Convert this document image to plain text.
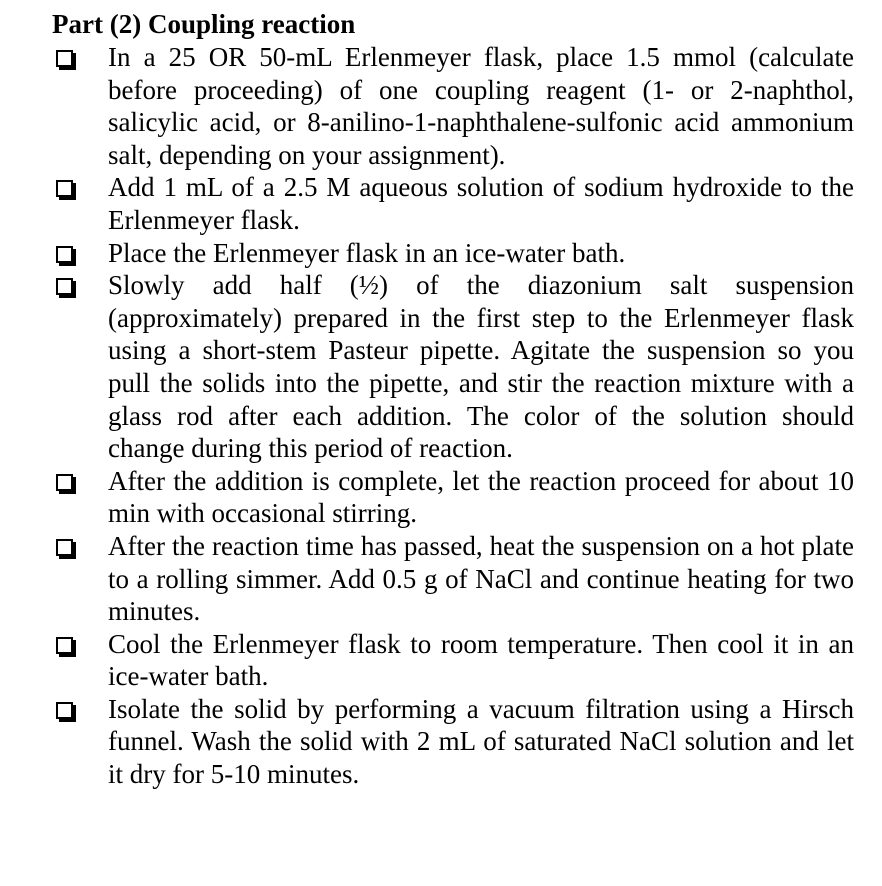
Part (2) Coupling reaction
In a 25 OR 50-mL Erlenmeyer flask, place 1.5 mmol (calculate before proceeding) of one coupling reagent (1- or 2-naphthol, salicylic acid, or 8-anilino-1-naphthalene-sulfonic acid ammonium salt, depending on your assignment).
Add 1 mL of a 2.5 M aqueous solution of sodium hydroxide to the Erlenmeyer flask.
Place the Erlenmeyer flask in an ice-water bath.
Slowly add half (½) of the diazonium salt suspension (approximately) prepared in the first step to the Erlenmeyer flask using a short-stem Pasteur pipette. Agitate the suspension so you pull the solids into the pipette, and stir the reaction mixture with a glass rod after each addition. The color of the solution should change during this period of reaction.
After the addition is complete, let the reaction proceed for about 10 min with occasional stirring.
After the reaction time has passed, heat the suspension on a hot plate to a rolling simmer. Add 0.5 g of NaCl and continue heating for two minutes.
Cool the Erlenmeyer flask to room temperature. Then cool it in an ice-water bath.
Isolate the solid by performing a vacuum filtration using a Hirsch funnel. Wash the solid with 2 mL of saturated NaCl solution and let it dry for 5-10 minutes.
